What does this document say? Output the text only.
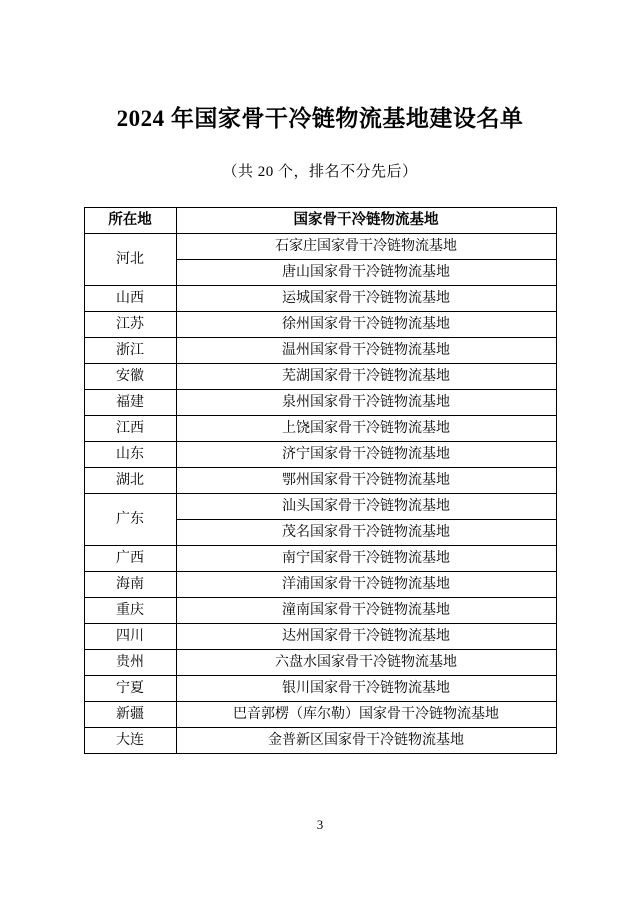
2024 年国家骨干冷链物流基地建设名单

（共 20 个，排名不分先后）

所在地	国家骨干冷链物流基地
河北	石家庄国家骨干冷链物流基地
	唐山国家骨干冷链物流基地
山西	运城国家骨干冷链物流基地
江苏	徐州国家骨干冷链物流基地
浙江	温州国家骨干冷链物流基地
安徽	芜湖国家骨干冷链物流基地
福建	泉州国家骨干冷链物流基地
江西	上饶国家骨干冷链物流基地
山东	济宁国家骨干冷链物流基地
湖北	鄂州国家骨干冷链物流基地
广东	汕头国家骨干冷链物流基地
	茂名国家骨干冷链物流基地
广西	南宁国家骨干冷链物流基地
海南	洋浦国家骨干冷链物流基地
重庆	潼南国家骨干冷链物流基地
四川	达州国家骨干冷链物流基地
贵州	六盘水国家骨干冷链物流基地
宁夏	银川国家骨干冷链物流基地
新疆	巴音郭楞（库尔勒）国家骨干冷链物流基地
大连	金普新区国家骨干冷链物流基地
3
